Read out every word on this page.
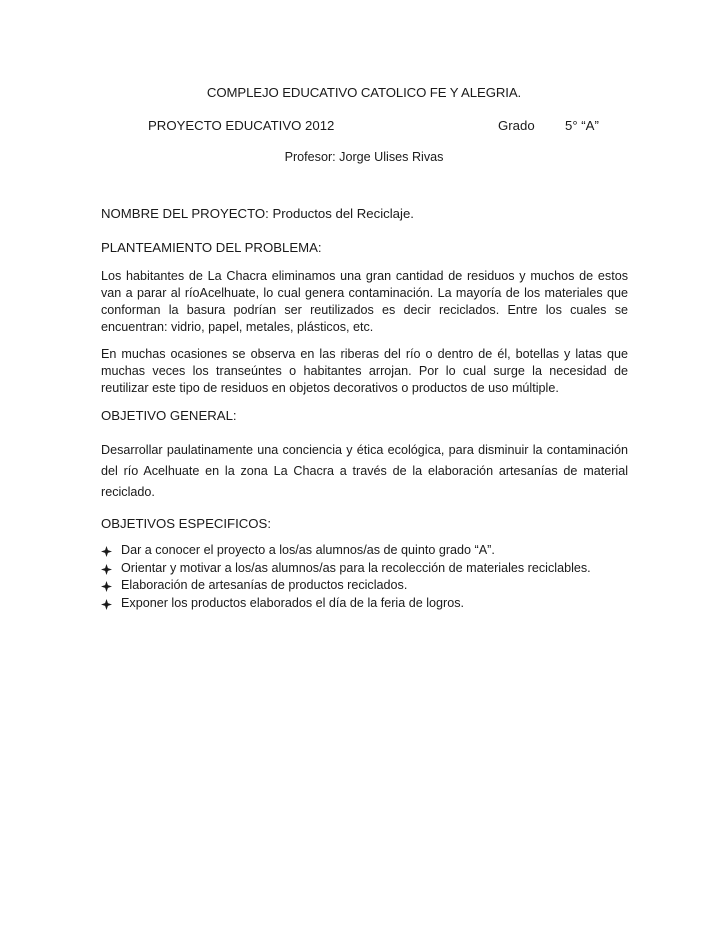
COMPLEJO EDUCATIVO CATOLICO FE Y ALEGRIA.
PROYECTO EDUCATIVO 2012	Grado 5° “A”
Profesor: Jorge Ulises Rivas
NOMBRE DEL PROYECTO: Productos del Reciclaje.
PLANTEAMIENTO DEL PROBLEMA:
Los habitantes de La Chacra eliminamos una gran cantidad de residuos y muchos de estos van a parar al ríoAcelhuate, lo cual genera contaminación. La mayoría de los materiales que conforman la basura podrían ser reutilizados es decir reciclados. Entre los cuales se encuentran: vidrio, papel, metales, plásticos, etc.
En muchas ocasiones se observa en las riberas del río o dentro de él, botellas y latas que muchas veces los transeúntes o habitantes arrojan. Por lo cual surge la necesidad de reutilizar este tipo de residuos en objetos decorativos o productos de uso múltiple.
OBJETIVO GENERAL:
Desarrollar paulatinamente una conciencia y ética ecológica, para disminuir la contaminación del río Acelhuate en la zona La Chacra a través de la elaboración artesanías de material reciclado.
OBJETIVOS ESPECIFICOS:
Dar a conocer el proyecto a los/as alumnos/as de quinto grado “A”.
Orientar y motivar a los/as alumnos/as para la recolección de materiales reciclables.
Elaboración de artesanías de productos reciclados.
Exponer los productos elaborados el día de la feria de logros.
